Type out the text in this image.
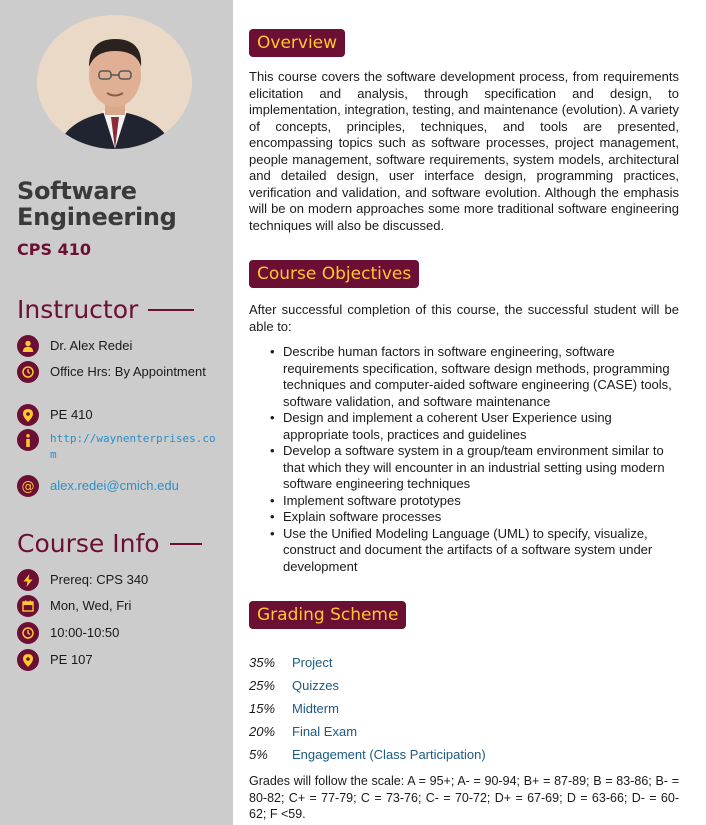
Software Engineering
CPS 410
Instructor
Dr. Alex Redei
Office Hrs: By Appointment
PE 410
http://waynenterprises.com
@ alex.redei@cmich.edu
Course Info
Prereq: CPS 340
Mon, Wed, Fri
10:00-10:50
PE 107
Overview
This course covers the software development process, from requirements elicitation and analysis, through specification and design, to implementation, integration, testing, and maintenance (evolution). A variety of concepts, principles, techniques, and tools are presented, encompassing topics such as software processes, project management, people management, software requirements, system models, architectural and detailed design, user interface design, programming practices, verification and validation, and software evolution. Although the emphasis will be on modern approaches some more traditional software engineering techniques will also be discussed.
Course Objectives
After successful completion of this course, the successful student will be able to:
• Describe human factors in software engineering, software requirements specification, software design methods, programming techniques and computer-aided software engineering (CASE) tools, software validation, and software maintenance
• Design and implement a coherent User Experience using appropriate tools, practices and guidelines
• Develop a software system in a group/team environment similar to that which they will encounter in an industrial setting using modern software engineering techniques
• Implement software prototypes
• Explain software processes
• Use the Unified Modeling Language (UML) to specify, visualize, construct and document the artifacts of a software system under development
Grading Scheme
35%	Project
25%	Quizzes
15%	Midterm
20%	Final Exam
5%	Engagement (Class Participation)
Grades will follow the scale: A = 95+; A- = 90-94; B+ = 87-89; B = 83-86; B- = 80-82; C+ = 77-79; C = 73-76; C- = 70-72; D+ = 67-69; D = 63-66; D- = 60-62; F <59.
